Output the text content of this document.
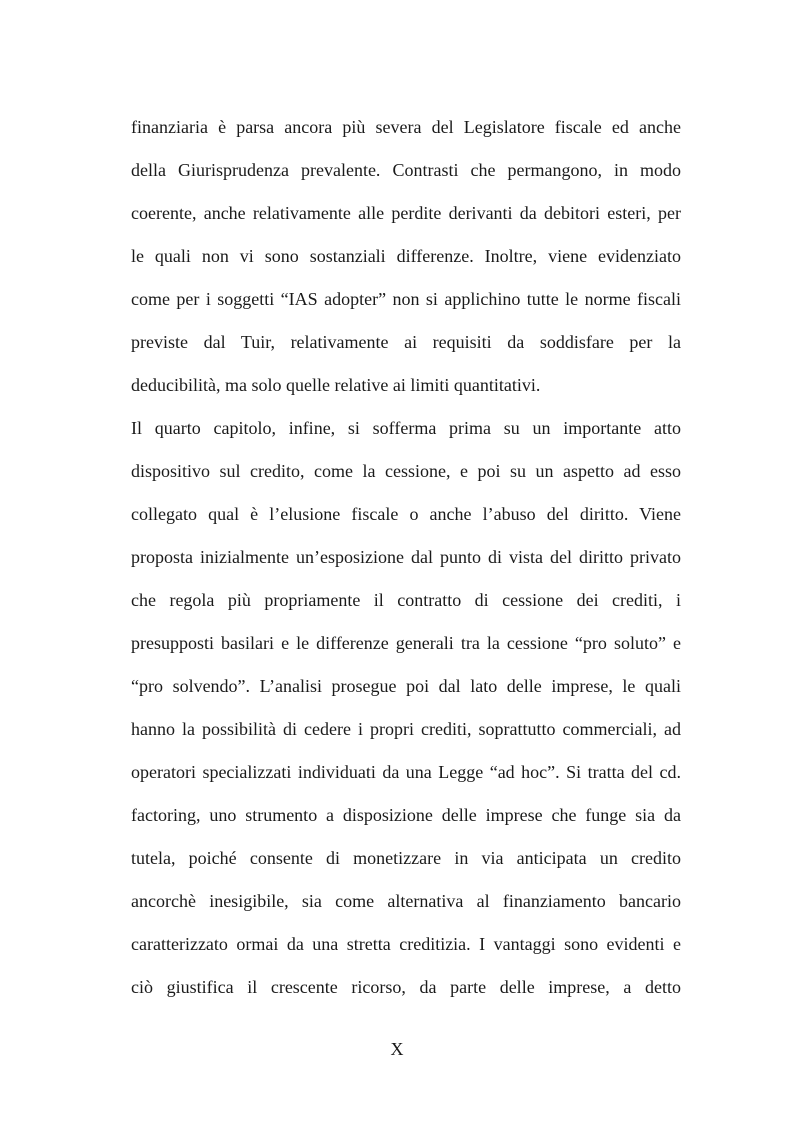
finanziaria è parsa ancora più severa del Legislatore fiscale ed anche
della Giurisprudenza prevalente. Contrasti che permangono, in modo
coerente, anche relativamente alle perdite derivanti da debitori esteri, per
le quali non vi sono sostanziali differenze. Inoltre, viene evidenziato
come per i soggetti “IAS adopter” non si applichino tutte le norme fiscali
previste dal Tuir, relativamente ai requisiti da soddisfare per la
deducibilità, ma solo quelle relative ai limiti quantitativi.
Il quarto capitolo, infine, si sofferma prima su un importante atto
dispositivo sul credito, come la cessione, e poi su un aspetto ad esso
collegato qual è l’elusione fiscale o anche l’abuso del diritto. Viene
proposta inizialmente un’esposizione dal punto di vista del diritto privato
che regola più propriamente il contratto di cessione dei crediti, i
presupposti basilari e le differenze generali tra la cessione “pro soluto” e
“pro solvendo”. L’analisi prosegue poi dal lato delle imprese, le quali
hanno la possibilità di cedere i propri crediti, soprattutto commerciali, ad
operatori specializzati individuati da una Legge “ad hoc”. Si tratta del cd.
factoring, uno strumento a disposizione delle imprese che funge sia da
tutela, poiché consente di monetizzare in via anticipata un credito
ancorchè inesigibile, sia come alternativa al finanziamento bancario
caratterizzato ormai da una stretta creditizia. I vantaggi sono evidenti e
ciò giustifica il crescente ricorso, da parte delle imprese, a detto
X
